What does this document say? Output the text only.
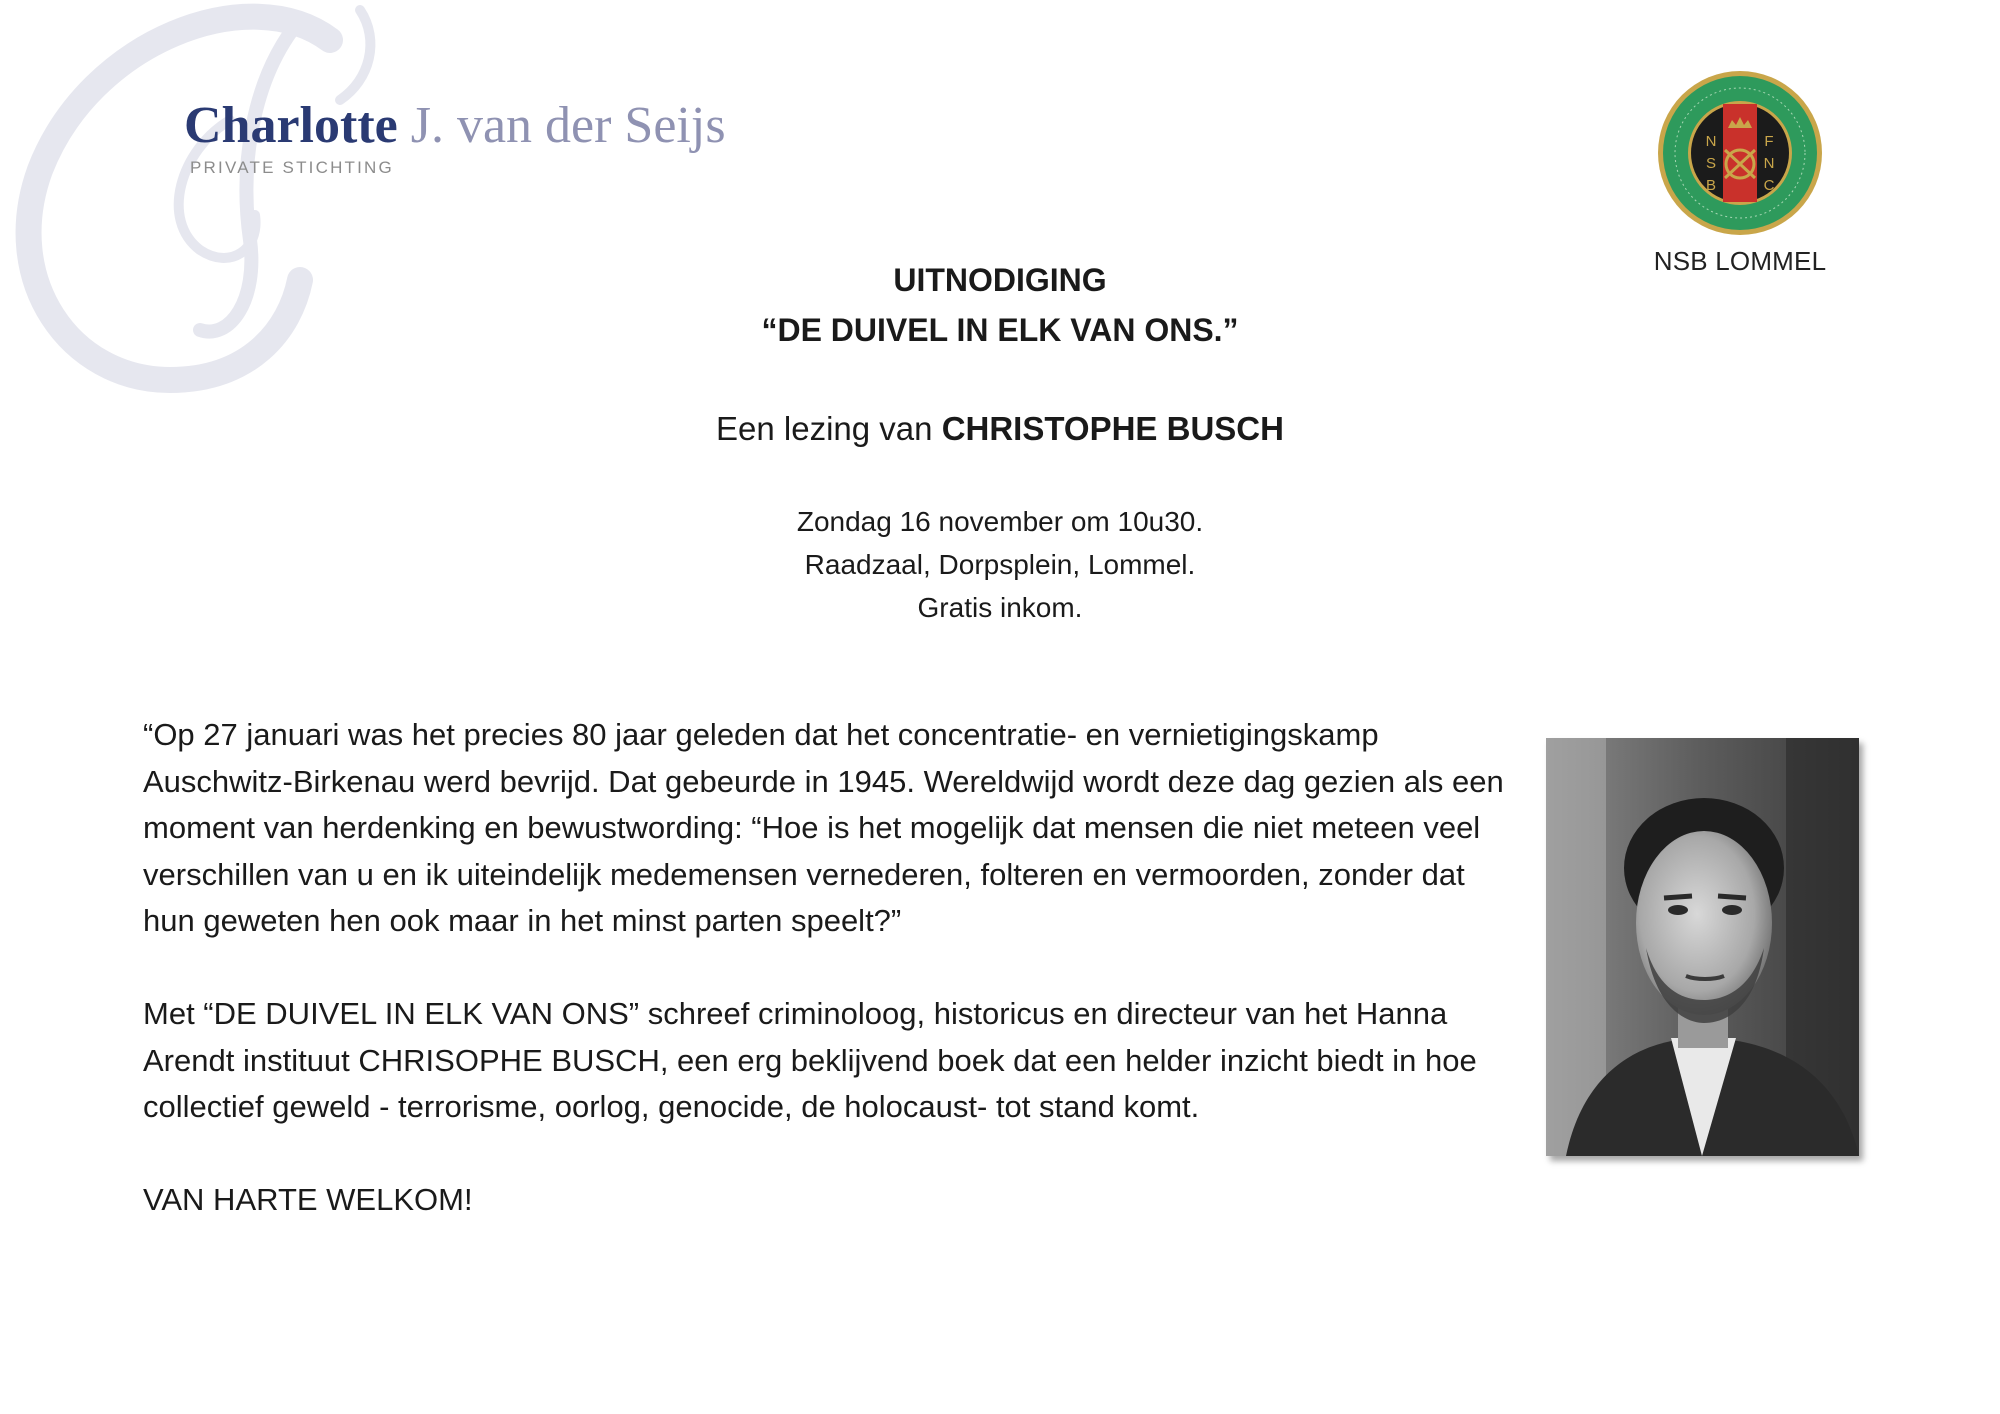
Charlotte J. van der Seijs
PRIVATE STICHTING
N	F
S	N
B	C
NSB LOMMEL
UITNODIGING
“DE DUIVEL IN ELK VAN ONS.”
Een lezing van CHRISTOPHE BUSCH
Zondag 16 november om 10u30.
Raadzaal, Dorpsplein, Lommel.
Gratis inkom.

“Op 27 januari was het precies 80 jaar geleden dat het concentratie- en vernietigingskamp Auschwitz-Birkenau werd bevrijd. Dat gebeurde in 1945. Wereldwijd wordt deze dag gezien als een moment van herdenking en bewustwording: “Hoe is het mogelijk dat mensen die niet meteen veel verschillen van u en ik uiteindelijk medemensen vernederen, folteren en vermoorden, zonder dat hun geweten hen ook maar in het minst parten speelt?”

Met “DE DUIVEL IN ELK VAN ONS” schreef criminoloog, historicus en directeur van het Hanna Arendt instituut CHRISOPHE BUSCH, een erg beklijvend boek dat een helder inzicht biedt in hoe collectief geweld - terrorisme, oorlog, genocide, de holocaust- tot stand komt.

VAN HARTE WELKOM!
